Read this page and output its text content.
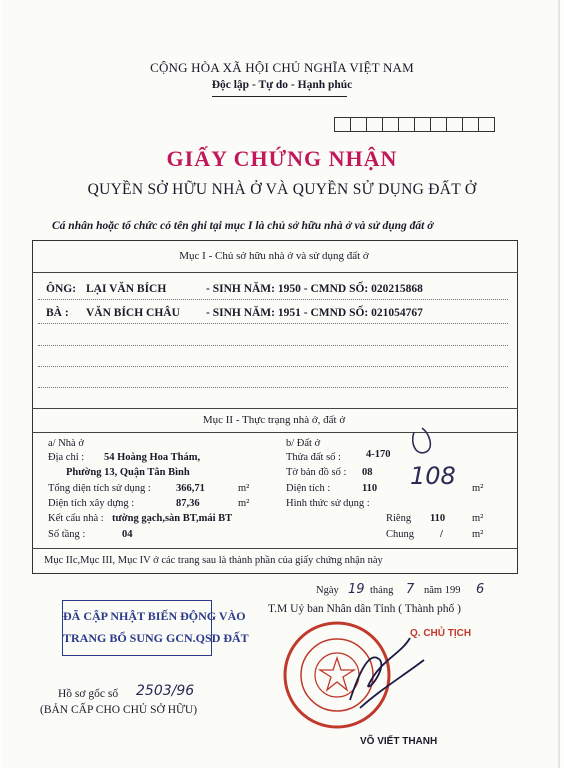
CỘNG HÒA XÃ HỘI CHỦ NGHĨA VIỆT NAM
Độc lập - Tự do - Hạnh phúc
GIẤY CHỨNG NHẬN
QUYỀN SỞ HỮU NHÀ Ở VÀ QUYỀN SỬ DỤNG ĐẤT Ở
Cá nhân hoặc tổ chức có tên ghi tại mục I là chủ sở hữu nhà ở và sử dụng đất ở
Mục I - Chủ sở hữu nhà ở và sử dụng đất ở
ÔNG: LẠI VĂN BÍCH	- SINH NĂM: 1950 - CMND SỐ: 020215868
BÀ : VĂN BÍCH CHÂU - SINH NĂM: 1951 - CMND SỐ: 021054767
Mục II - Thực trạng nhà ở, đất ở
a/ Nhà ở
Địa chỉ : 54 Hoàng Hoa Thám,
Phường 13, Quận Tân Bình
Tổng diện tích sử dụng : 366,71	m²
Diện tích xây dựng :	87,36	m²
Kết cấu nhà : tường gạch,sàn BT,mái BT
Số tầng :	04
b/ Đất ở
Thửa đất số : 4-170
Tờ bản đồ số : 08
Diện tích :	110 108 m²
Hình thức sử dụng :
Riêng 110	m²
Chung /	m²
Mục IIc,Mục III, Mục IV ở các trang sau là thành phần của giấy chứng nhận này
Ngày 19 tháng 7 năm 199 6
T.M Uỷ ban Nhân dân Tỉnh ( Thành phố )
Q. CHỦ TỊCH
VÕ VIẾT THANH
ĐÃ CẬP NHẬT BIẾN ĐỘNG VÀO
TRANG BỔ SUNG GCN.QSD ĐẤT
Hồ sơ gốc số 2503/96
(BẢN CẤP CHO CHỦ SỞ HỮU)
